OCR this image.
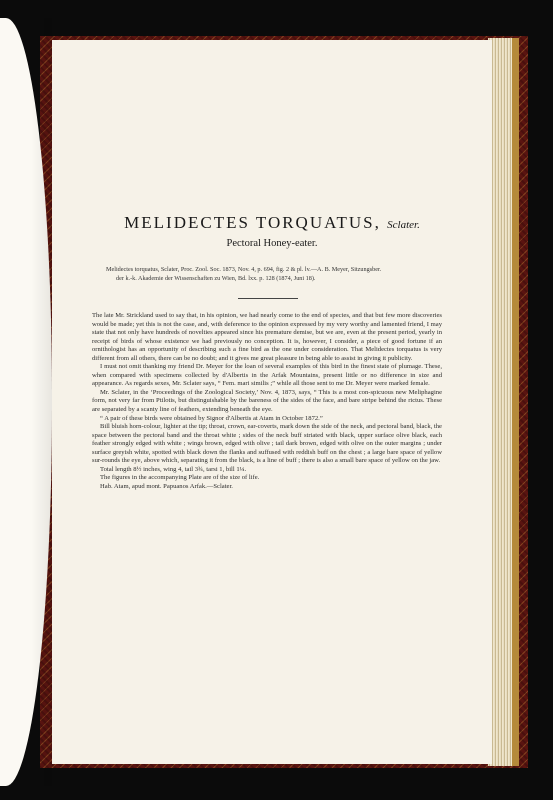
MELIDECTES TORQUATUS, Sclater.
Pectoral Honey-eater.
Melidectes torquatus, Sclater, Proc. Zool. Soc. 1873, Nov. 4, p. 694, fig. 2 & pl. lv.—A. B. Meyer, Sitzungsber.
der k.-k. Akademie der Wissenschaften zu Wien, Bd. lxx. p. 128 (1874, Juni 18).

The late Mr. Strickland used to say that, in his opinion, we had nearly come to the end of species, and that but few more discoveries would be made; yet this is not the case, and, with deference to the opinion expressed by my very worthy and lamented friend, I may state that not only have hundreds of novelties appeared since his premature demise, but we are, even at the present period, yearly in receipt of birds of whose existence we had previously no conception. It is, however, I consider, a piece of good fortune if an ornithologist has an opportunity of describing such a fine bird as the one under consideration. That Melidectes torquatus is very different from all others, there can be no doubt; and it gives me great pleasure in being able to assist in giving it publicity.

I must not omit thanking my friend Dr. Meyer for the loan of several examples of this bird in the finest state of plumage. These, when compared with specimens collected by d'Albertis in the Arfak Mountains, present little or no difference in size and appearance. As regards sexes, Mr. Sclater says, “ Fem. mari similis ;” while all those sent to me Dr. Meyer were marked female.

Mr. Sclater, in the ‘Proceedings of the Zoological Society,’ Nov. 4, 1873, says, “ This is a most con-spicuous new Meliphagine form, not very far from Ptilotis, but distinguishable by the bareness of the sides of the face, and bare stripe behind the rictus. These are separated by a scanty line of feathers, extending beneath the eye.

“ A pair of these birds were obtained by Signor d'Albertis at Atam in October 1872.”

Bill bluish horn-colour, lighter at the tip; throat, crown, ear-coverts, mark down the side of the neck, and pectoral band, black, the space between the pectoral band and the throat white ; sides of the neck buff striated with black, upper surface olive black, each feather strongly edged with white ; wings brown, edged with olive ; tail dark brown, edged with olive on the outer margins ; under surface greyish white, spotted with black down the flanks and suffused with reddish buff on the chest ; a large bare space of yellow sur-rounds the eye, above which, separating it from the black, is a line of buff ; there is also a small bare space of yellow on the jaw.

Total length 8½ inches, wing 4, tail 3¾, tarsi 1, bill 1¼.

The figures in the accompanying Plate are of the size of life.

Hab. Atam, apud mont. Papuanos Arfak.—Sclater.
